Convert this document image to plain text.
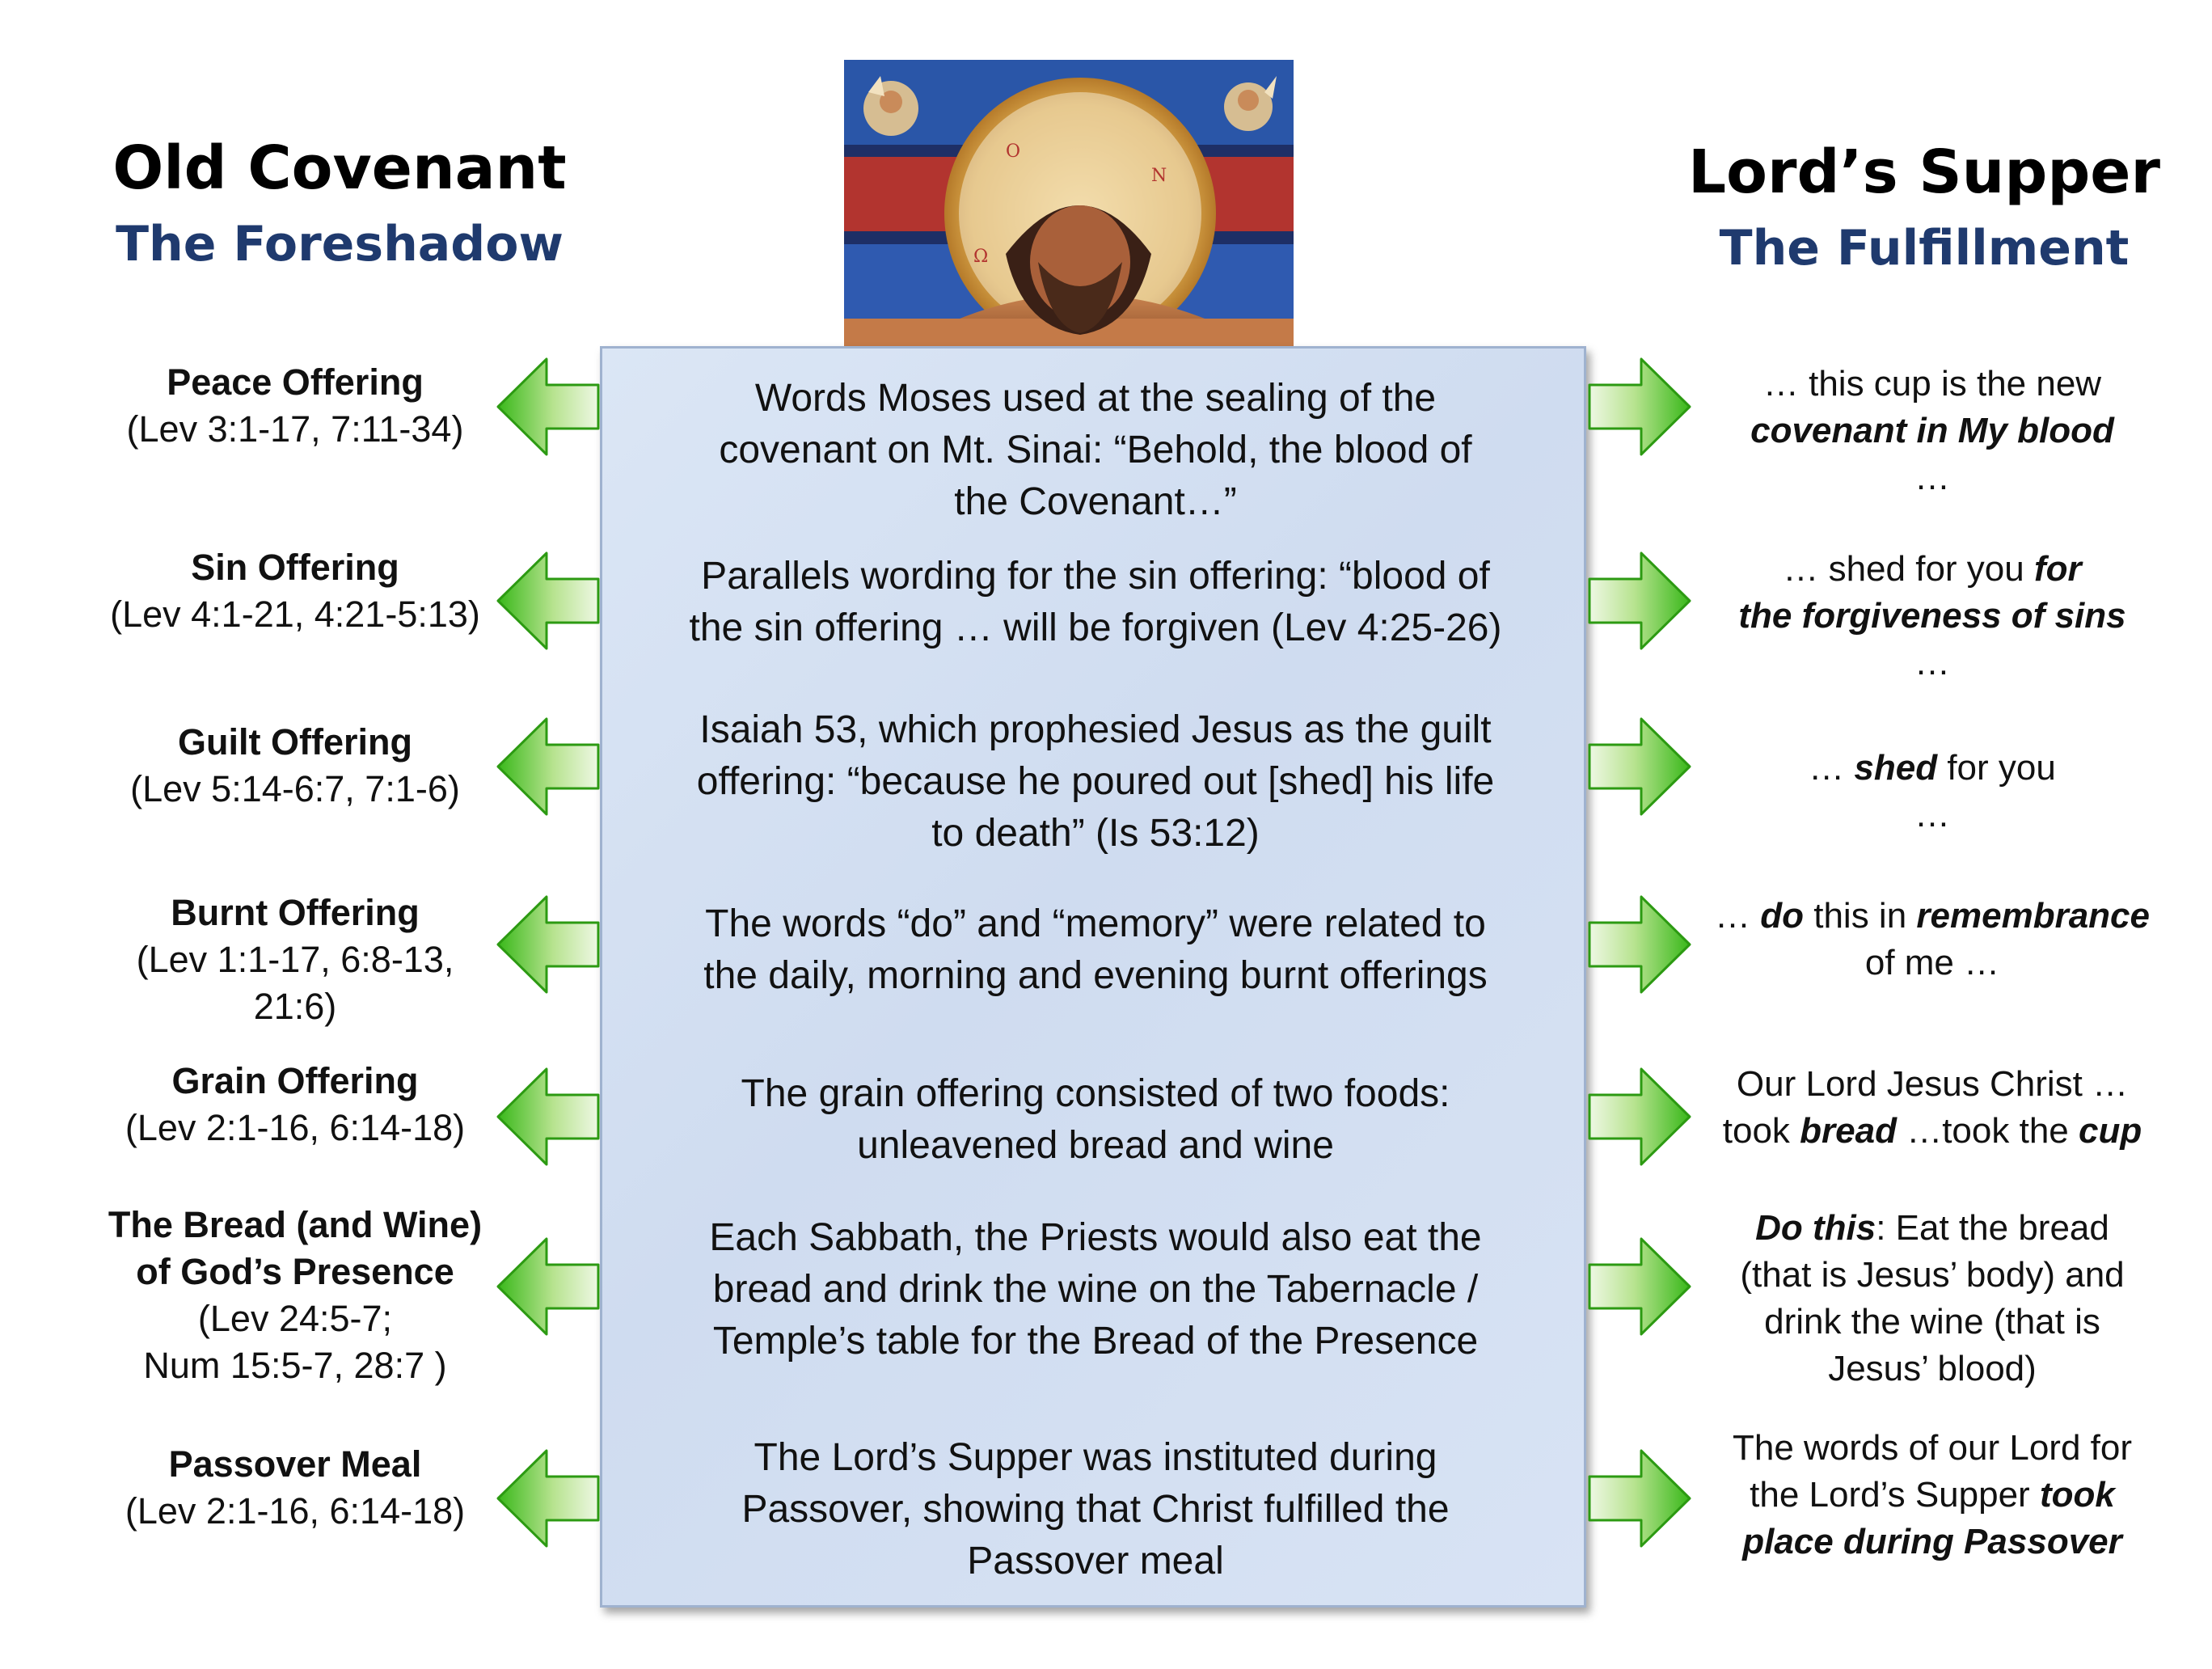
Old Covenant
The Foreshadow
Lord’s Supper
The Fulfillment
Ο
Ν
Ω
Words Moses used at the sealing of the
covenant on Mt. Sinai: “Behold, the blood of
the Covenant…”
Parallels wording for the sin offering: “blood of
the sin offering … will be forgiven (Lev 4:25-26)
Isaiah 53, which prophesied Jesus as the guilt
offering: “because he poured out [shed] his life
to death” (Is 53:12)
The words “do” and “memory” were related to
the daily, morning and evening burnt offerings
The grain offering consisted of two foods:
unleavened bread and wine
Each Sabbath, the Priests would also eat the
bread and drink the wine on the Tabernacle /
Temple’s table for the Bread of the Presence
The Lord’s Supper was instituted during
Passover, showing that Christ fulfilled the
Passover meal
Peace Offering
(Lev 3:1-17, 7:11-34)
Sin Offering
(Lev 4:1-21, 4:21-5:13)
Guilt Offering
(Lev 5:14-6:7, 7:1-6)
Burnt Offering
(Lev 1:1-17, 6:8-13,
21:6)
Grain Offering
(Lev 2:1-16, 6:14-18)
The Bread (and Wine)
of God’s Presence
(Lev 24:5-7;
Num 15:5-7, 28:7 )
Passover Meal
(Lev 2:1-16, 6:14-18)
… this cup is the new
covenant in My blood
…
… shed for you for
the forgiveness of sins
…
… shed for you
…
… do this in remembrance
of me …
Our Lord Jesus Christ …
took bread …took the cup
Do this: Eat the bread
(that is Jesus’ body) and
drink the wine (that is
Jesus’ blood)
The words of our Lord for
the Lord’s Supper took
place during Passover
